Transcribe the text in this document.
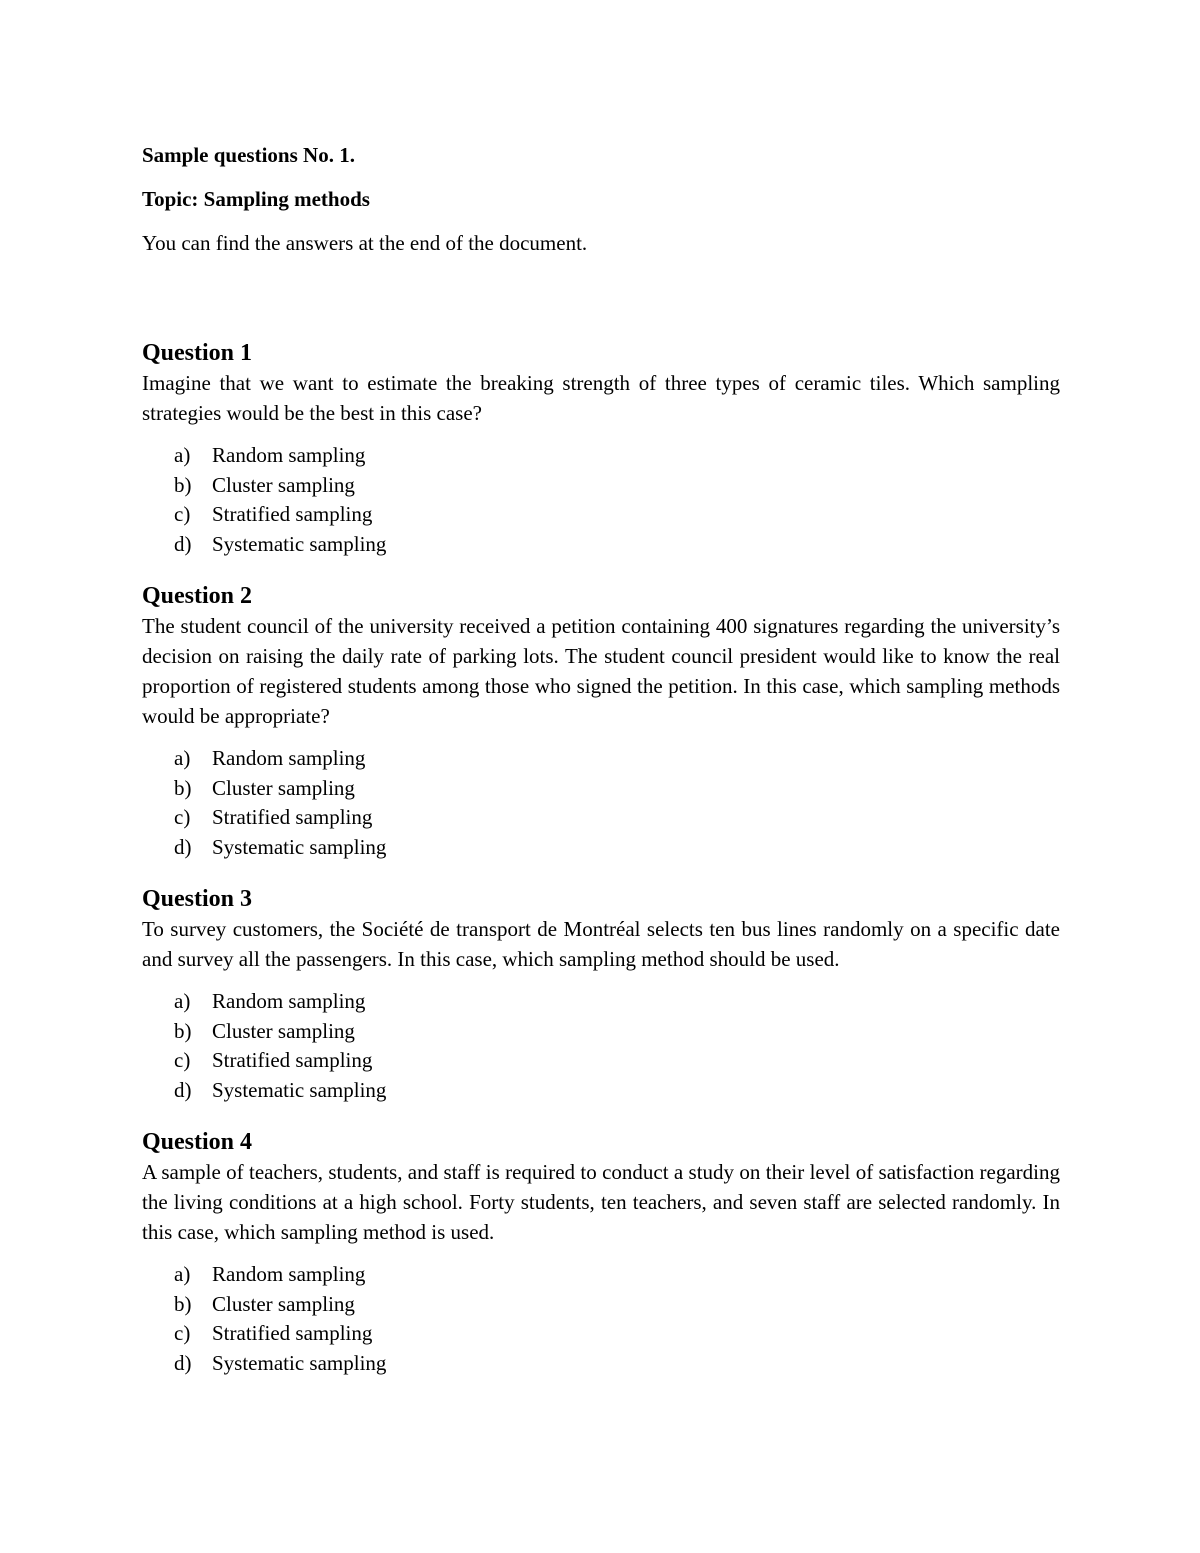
Sample questions No. 1.

Topic: Sampling methods

You can find the answers at the end of the document.

Question 1

Imagine that we want to estimate the breaking strength of three types of ceramic tiles. Which sampling strategies would be the best in this case?

a)	Random sampling
b) Cluster sampling
c)	Stratified sampling
d) Systematic sampling

Question 2

The student council of the university received a petition containing 400 signatures regarding the university’s decision on raising the daily rate of parking lots. The student council president would like to know the real proportion of registered students among those who signed the petition. In this case, which sampling methods would be appropriate?

a)	Random sampling
b) Cluster sampling
c)	Stratified sampling
d) Systematic sampling

Question 3

To survey customers, the Société de transport de Montréal selects ten bus lines randomly on a specific date and survey all the passengers. In this case, which sampling method should be used.

a)	Random sampling
b) Cluster sampling
c)	Stratified sampling
d) Systematic sampling

Question 4

A sample of teachers, students, and staff is required to conduct a study on their level of satisfaction regarding the living conditions at a high school. Forty students, ten teachers, and seven staff are selected randomly. In this case, which sampling method is used.

a)	Random sampling
b) Cluster sampling
c)	Stratified sampling
d) Systematic sampling
